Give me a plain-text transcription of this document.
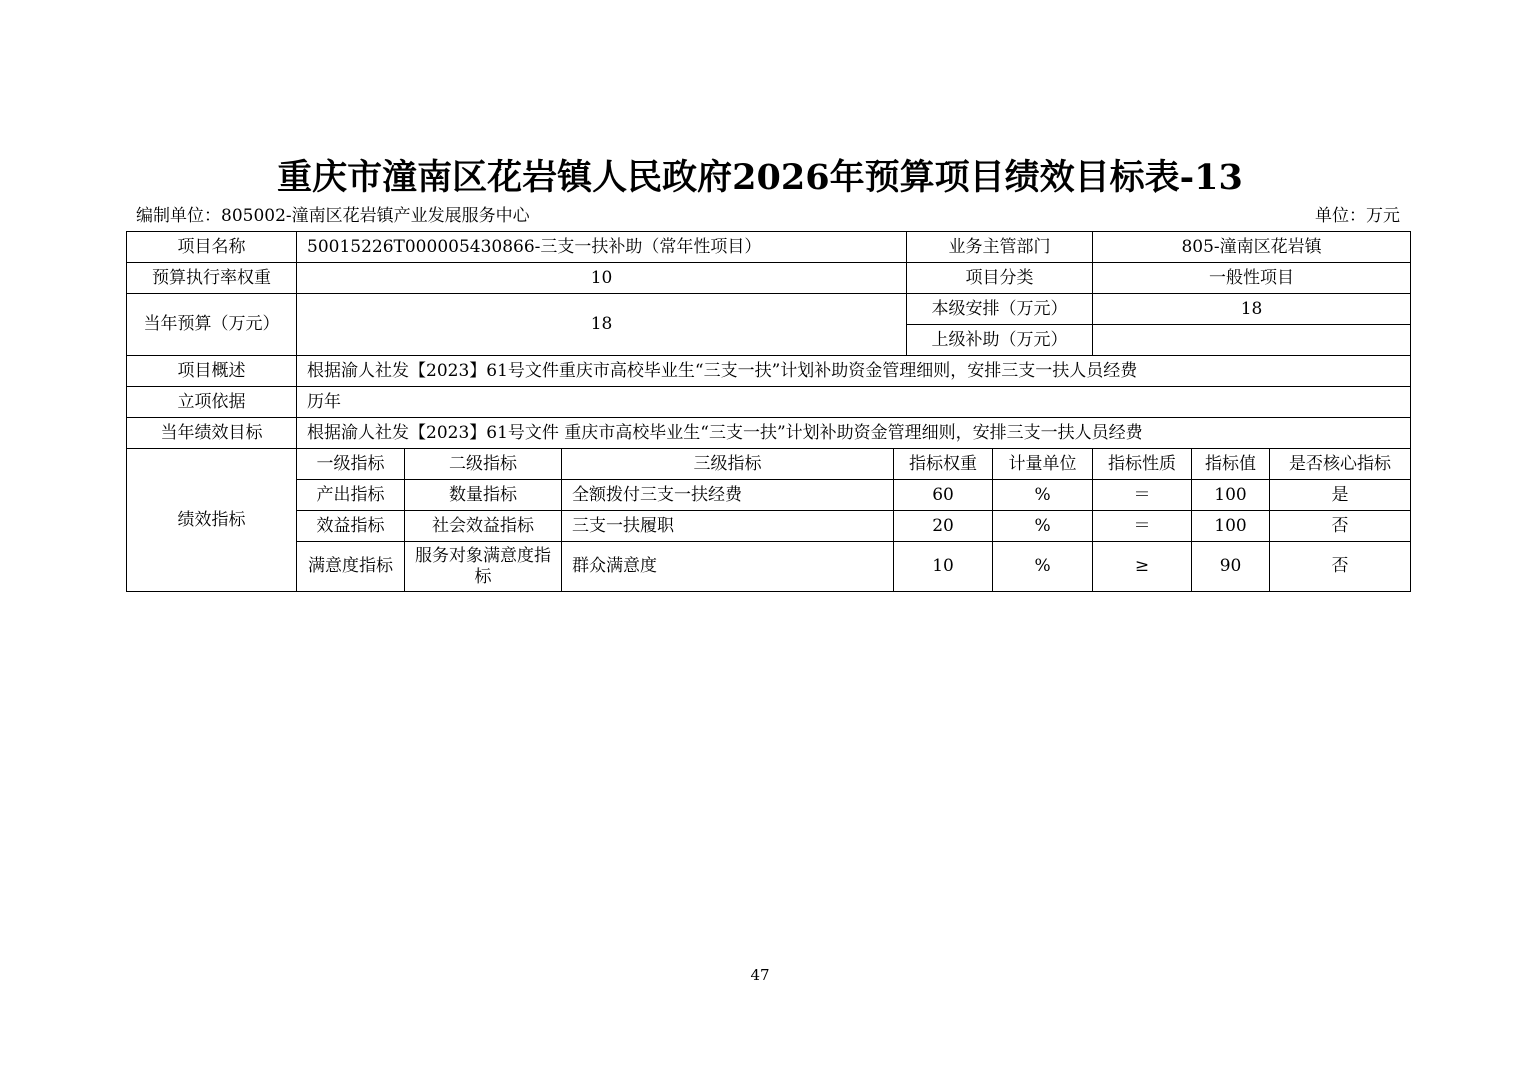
重庆市潼南区花岩镇人民政府2026年预算项目绩效目标表-13
编制单位：805002-潼南区花岩镇产业发展服务中心	单位：万元
项目名称	50015226T000005430866-三支一扶补助（常年性项目）				业务主管部门		805-潼南区花岩镇		
预算执行率权重	10				项目分类		一般性项目		
当年预算（万元）	18				本级安排（万元）		18		
					上级补助（万元）				
项目概述	根据渝人社发【2023】61号文件重庆市高校毕业生“三支一扶”计划补助资金管理细则，安排三支一扶人员经费								
立项依据	历年								
当年绩效目标	根据渝人社发【2023】61号文件 重庆市高校毕业生“三支一扶”计划补助资金管理细则，安排三支一扶人员经费								
绩效指标	一级指标	二级指标	三级指标	指标权重		计量单位	指标性质	指标值	是否核心指标
	产出指标	数量指标	全额拨付三支一扶经费	60		%	＝	100	是
	效益指标	社会效益指标	三支一扶履职	20		%	＝	100	否
	满意度指标	服务对象满意度指标	群众满意度	10		%	≥	90	否
47
